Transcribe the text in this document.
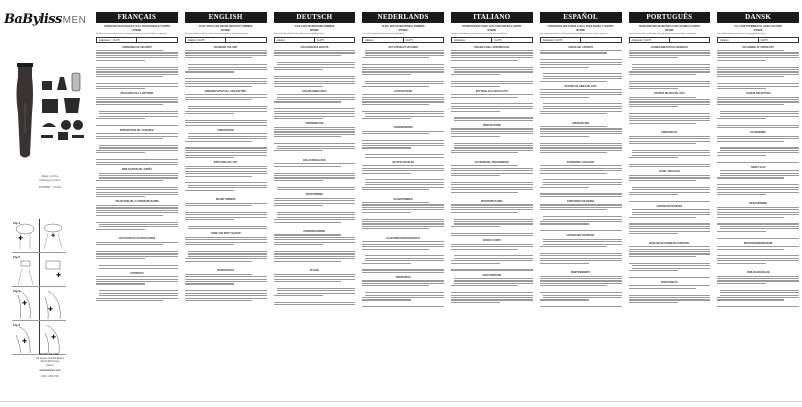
BaByliss MEN
Made in China
Fabriqué en Chine
MT996E - T14dx
Fig.1
✚	✚
Fig.2
✚
Fig.3
✚
✚
Fig.4
✚
✚
BABYLISS SARL
99 avenue Aristide Briand
92120 Montrouge
France
www.babyliss.com
FRC / 2020 V48
FRANÇAIS
TONDEUSE MULTIUSAGE 10 EN 1 POUR BARBE ET CORPS
MT996E
Veuillez lire attentivement les consignes de sécurité avant d'utiliser l'appareil.
Adaptateur : CL075
CONSIGNES DE SÉCURITÉ
RECHARGE DE LA BATTERIE
PRÉPARATION DE L'APPAREIL
MISE EN MARCHE / ARRÊT
UTILISATION DE LA TONDEUSE BARBE
UTILISATION DU RASOIR CORPS
ENTRETIEN
ENGLISH
10-IN-1 MULTI-USE BEARD AND BODY TRIMMER
MT996E
Please carefully read the safety instructions before using this product.
Adaptor: CL075
CHARGING THE UNIT
WORKING WITH THE Li-ION BATTERY
PREPARATION
SWITCHING ON / OFF
BEARD TRIMMER
USING THE BODY SHAVER
MAINTENANCE
DEUTSCH
10-IN-1 MULTIFUNKTIONS-TRIMMER
MT996E
Bitte lesen Sie die Sicherheitshinweise sorgfältig durch.
Adapter	CL075
AUFLADEN DES GERÄTS
LITHIUM-IONEN-AKKU
VORBEREITUNG
EIN-/AUSSCHALTEN
BARTTRIMMER
KÖRPERRASIERER
PFLEGE
NEDERLANDS
10-IN-1 MULTIFUNCTIONELE TRIMMER
MT996E
Lees de veiligheidsinstructies zorgvuldig door.
Adapter	CL075
HET APPARAAT OPLADEN
LI-ION BATTERIJ
VOORBEREIDING
IN-/UITSCHAKELEN
BAARDTRIMMER
LICHAAMSSCHEERAPPARAAT
ONDERHOUD
ITALIANO
RIFINITORE MULTIUSO 10 IN 1 PER BARBA E CORPO
MT996E
Leggere attentamente le istruzioni di sicurezza prima dell'uso.
Adattatore	CL075
RICARICA DELL'APPARECCHIO
BATTERIA AGLI IONI DI LITIO
PREPARAZIONE
ACCENSIONE / SPEGNIMENTO
RIFINITORE BARBA
RASOIO CORPO
MANUTENZIONE
ESPAÑOL
CORTADORA MULTIUSOS 10 EN 1 PARA BARBA Y CUERPO
MT996E
Lea atentamente las instrucciones de seguridad antes de usar el aparato.
Adaptador: CL075
CARGA DEL APARATO
BATERÍA DE IONES DE LITIO
PREPARACIÓN
ENCENDIDO / APAGADO
CORTADORA DE BARBA
AFEITADORA CORPORAL
MANTENIMIENTO
PORTUGUÊS
APARADOR MULTIFUNÇÕES 10 EM 1 BARBA E CORPO
MT996E
Leia atentamente as instruções de segurança antes de utilizar o aparelho.
Adaptador: CL075
CARREGAMENTO DO APARELHO
BATERIA DE IÕES DE LÍTIO
PREPARAÇÃO
LIGAR / DESLIGAR
APARADOR DE BARBA
MÁQUINA DE BARBEAR CORPORAL
MANUTENÇÃO
DANSK
10-I-1 MULTITRIMMER TIL SKÆG OG KROP
MT996E
Læs sikkerhedsinstruktionerne omhyggeligt før brug.
Adapter	CL075
OPLADNING AF APPARATET
LITHIUM-ION-BATTERI
KLARGØRING
TÆND / SLUK
SKÆGTRIMMER
KROPSBARBERMASKINE
VEDLIGEHOLDELSE
